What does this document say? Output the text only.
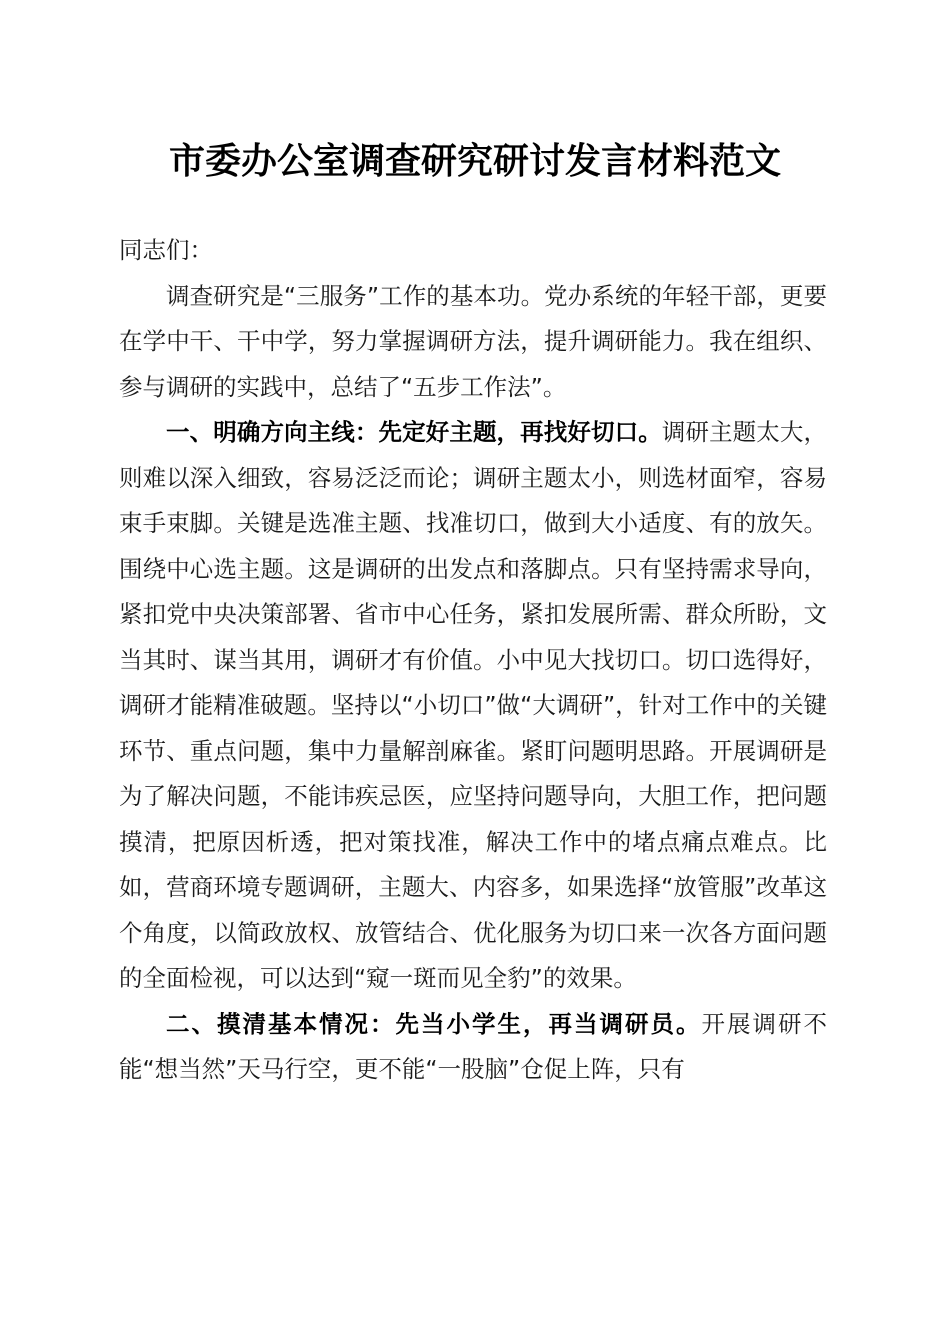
市委办公室调查研究研讨发言材料范文

同志们：

调查研究是“三服务”工作的基本功。党办系统的年轻干部，更要在学中干、干中学，努力掌握调研方法，提升调研能力。我在组织、参与调研的实践中，总结了“五步工作法”。

一、明确方向主线：先定好主题，再找好切口。调研主题太大，则难以深入细致，容易泛泛而论；调研主题太小，则选材面窄，容易束手束脚。关键是选准主题、找准切口，做到大小适度、有的放矢。围绕中心选主题。这是调研的出发点和落脚点。只有坚持需求导向，紧扣党中央决策部署、省市中心任务，紧扣发展所需、群众所盼，文当其时、谋当其用，调研才有价值。小中见大找切口。切口选得好，调研才能精准破题。坚持以“小切口”做“大调研”，针对工作中的关键环节、重点问题，集中力量解剖麻雀。紧盯问题明思路。开展调研是为了解决问题，不能讳疾忌医，应坚持问题导向，大胆工作，把问题摸清，把原因析透，把对策找准，解决工作中的堵点痛点难点。比如，营商环境专题调研，主题大、内容多，如果选择“放管服”改革这个角度，以简政放权、放管结合、优化服务为切口来一次各方面问题的全面检视，可以达到“窥一斑而见全豹”的效果。

二、摸清基本情况：先当小学生，再当调研员。开展调研不能“想当然”天马行空，更不能“一股脑”仓促上阵，只有
